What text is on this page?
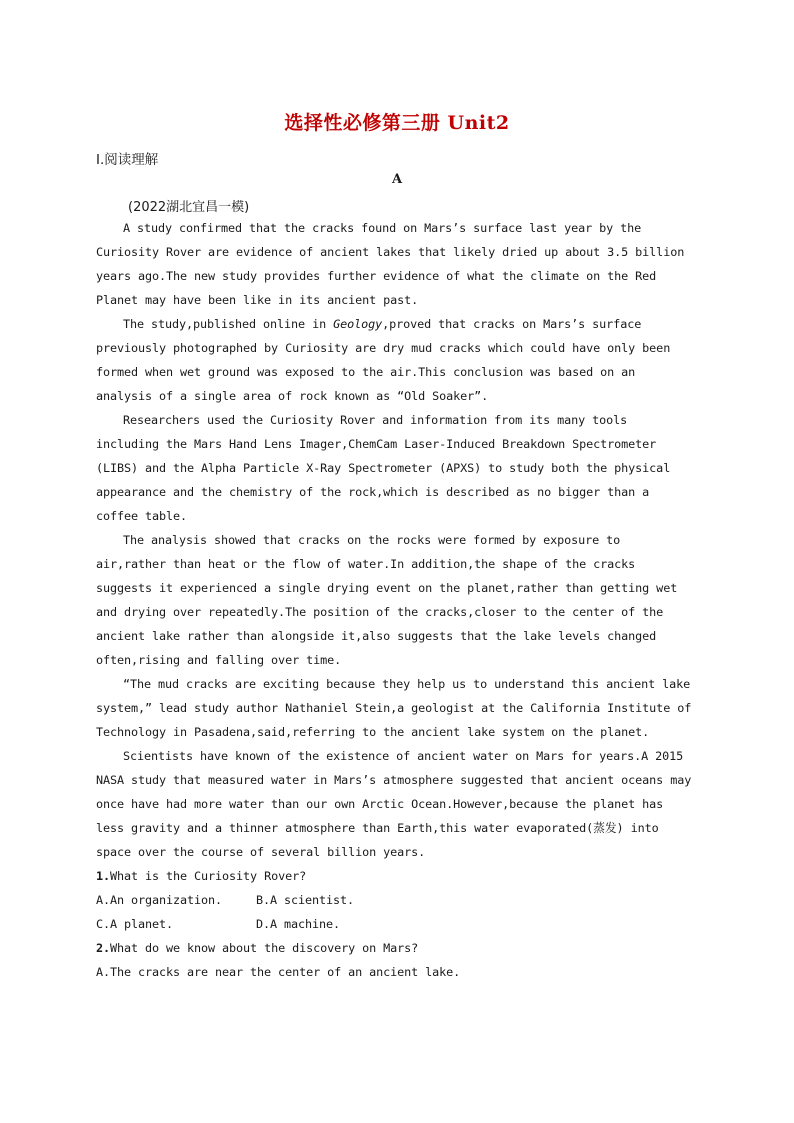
选择性必修第三册 Unit2
Ⅰ.阅读理解
A
(2022湖北宜昌一模)

A study confirmed that the cracks found on Mars’s surface last year by the Curiosity Rover are evidence of ancient lakes that likely dried up about 3.5 billion years ago.The new study provides further evidence of what the climate on the Red Planet may have been like in its ancient past.

The study,published online in Geology,proved that cracks on Mars’s surface previously photographed by Curiosity are dry mud cracks which could have only been formed when wet ground was exposed to the air.This conclusion was based on an analysis of a single area of rock known as “Old Soaker”.

Researchers used the Curiosity Rover and information from its many tools including the Mars Hand Lens Imager,ChemCam Laser-Induced Breakdown Spectrometer (LIBS) and the Alpha Particle X-Ray Spectrometer (APXS) to study both the physical appearance and the chemistry of the rock,which is described as no bigger than a coffee table.

The analysis showed that cracks on the rocks were formed by exposure to air,rather than heat or the flow of water.In addition,the shape of the cracks suggests it experienced a single drying event on the planet,rather than getting wet and drying over repeatedly.The position of the cracks,closer to the center of the ancient lake rather than alongside it,also suggests that the lake levels changed often,rising and falling over time.

“The mud cracks are exciting because they help us to understand this ancient lake system,” lead study author Nathaniel Stein,a geologist at the California Institute of Technology in Pasadena,said,referring to the ancient lake system on the planet.

Scientists have known of the existence of ancient water on Mars for years.A 2015 NASA study that measured water in Mars’s atmosphere suggested that ancient oceans may once have had more water than our own Arctic Ocean.However,because the planet has less gravity and a thinner atmosphere than Earth,this water evaporated(蒸发) into space over the course of several billion years.

1.What is the Curiosity Rover?

A.An organization.	B.A scientist.

C.A planet.	D.A machine.

2.What do we know about the discovery on Mars?

A.The cracks are near the center of an ancient lake.
